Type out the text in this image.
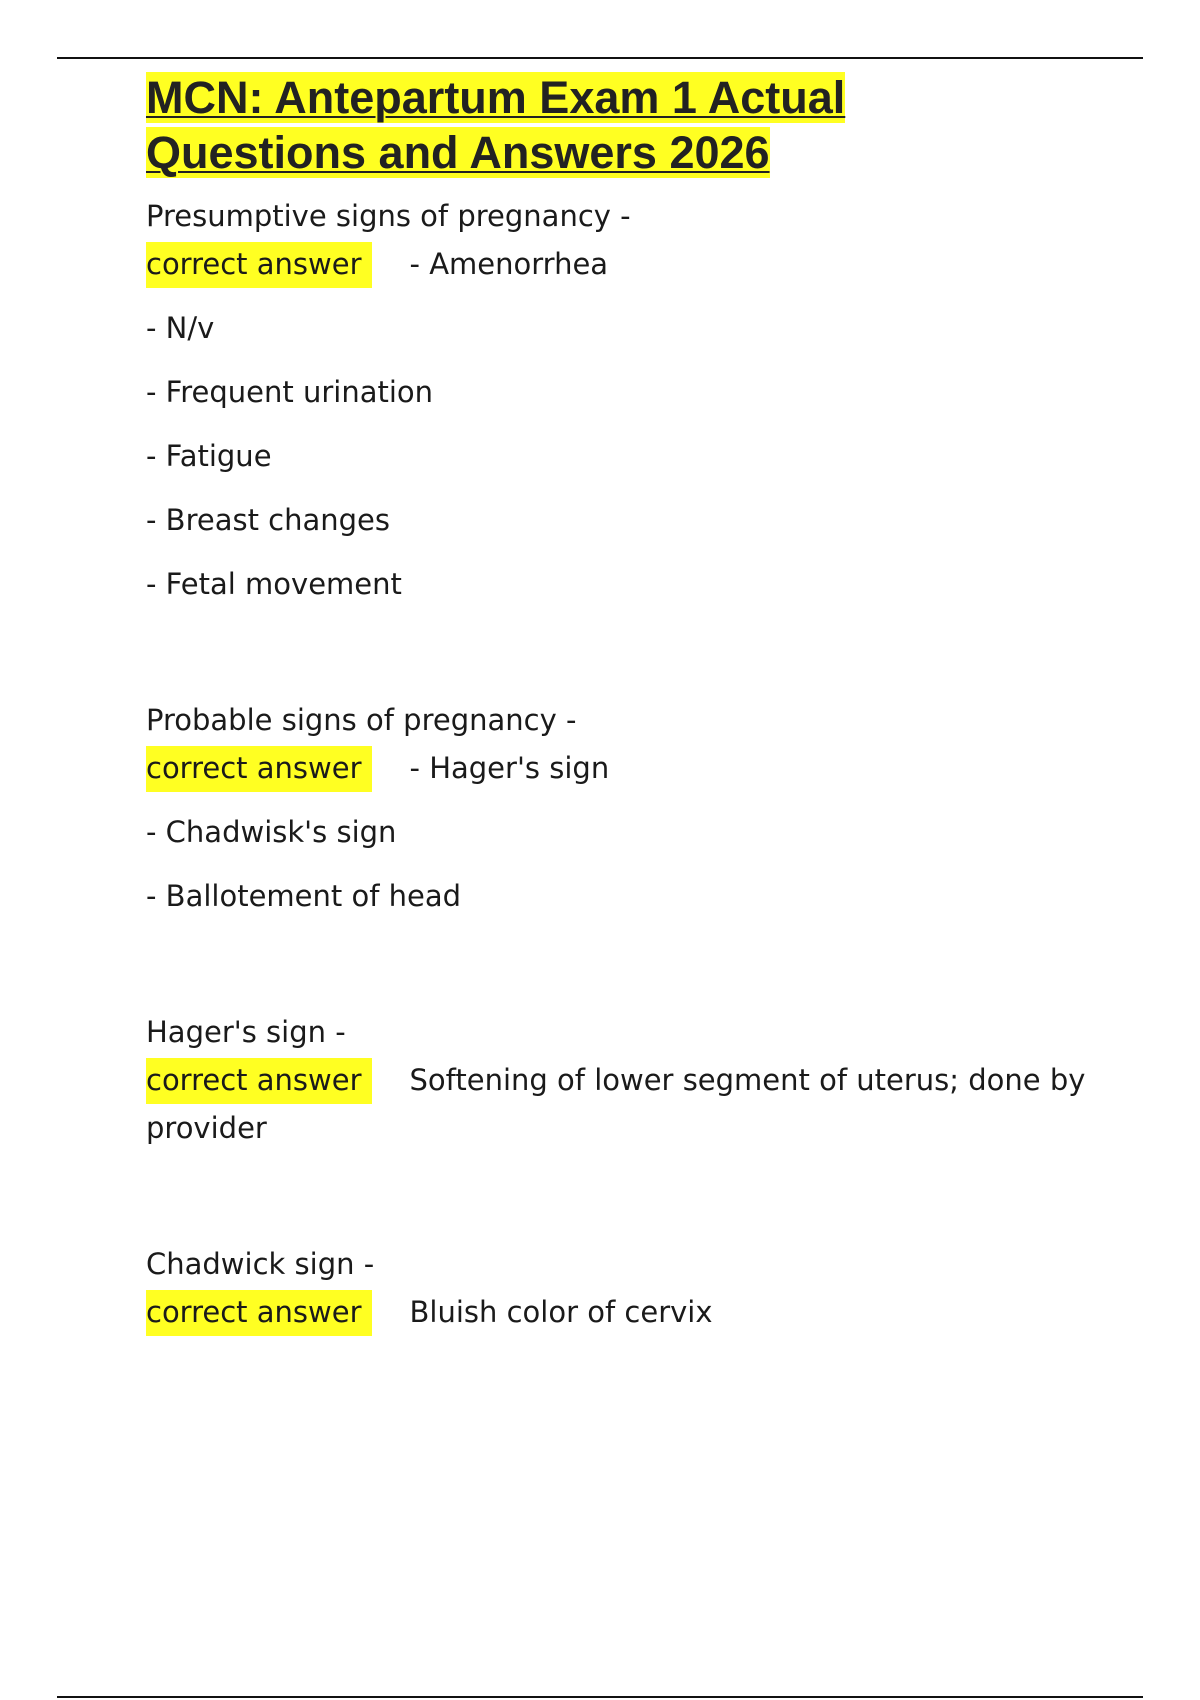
MCN: Antepartum Exam 1 Actual
Questions and Answers 2026
Presumptive signs of pregnancy -
correct answer - Amenorrhea
- N/v
- Frequent urination
- Fatigue
- Breast changes
- Fetal movement
Probable signs of pregnancy -
correct answer - Hager's sign
- Chadwisk's sign
- Ballotement of head
Hager's sign -
correct answer Softening of lower segment of uterus; done by
provider
Chadwick sign -
correct answer Bluish color of cervix
